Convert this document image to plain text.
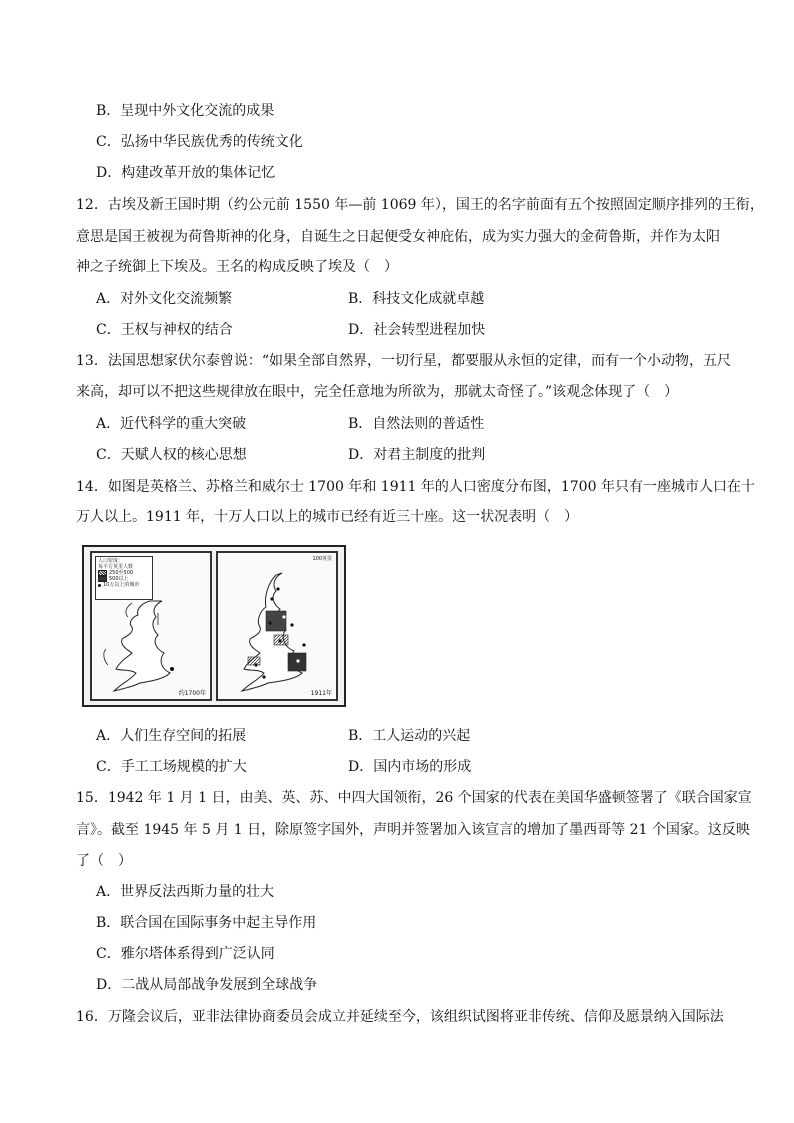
B．呈现中外文化交流的成果
C．弘扬中华民族优秀的传统文化
D．构建改革开放的集体记忆
12．古埃及新王国时期（约公元前 1550 年—前 1069 年），国王的名字前面有五个按照固定顺序排列的王衔，
意思是国王被视为荷鲁斯神的化身，自诞生之日起便受女神庇佑，成为实力强大的金荷鲁斯，并作为太阳
神之子统御上下埃及。王名的构成反映了埃及（　）
A．对外文化交流频繁	B．科技文化成就卓越
C．王权与神权的结合	D．社会转型进程加快
13．法国思想家伏尔泰曾说：“如果全部自然界，一切行星，都要服从永恒的定律，而有一个小动物，五尺
来高，却可以不把这些规律放在眼中，完全任意地为所欲为，那就太奇怪了。”该观念体现了（　）
A．近代科学的重大突破	B．自然法则的普适性
C．天赋人权的核心思想	D．对君主制度的批判
14．如图是英格兰、苏格兰和威尔士 1700 年和 1911 年的人口密度分布图，1700 年只有一座城市人口在十
万人以上。1911 年，十万人口以上的城市已经有近三十座。这一状况表明（　）
人口密度：
每平方英里人数
250至500
500以上
10万以上的城市
约1700年
100英里
1911年
A．人们生存空间的拓展	B．工人运动的兴起
C．手工工场规模的扩大	D．国内市场的形成
15．1942 年 1 月 1 日，由美、英、苏、中四大国领衔，26 个国家的代表在美国华盛顿签署了《联合国家宣
言》。截至 1945 年 5 月 1 日，除原签字国外，声明并签署加入该宣言的增加了墨西哥等 21 个国家。这反映
了（　）
A．世界反法西斯力量的壮大
B．联合国在国际事务中起主导作用
C．雅尔塔体系得到广泛认同
D．二战从局部战争发展到全球战争
16．万隆会议后，亚非法律协商委员会成立并延续至今，该组织试图将亚非传统、信仰及愿景纳入国际法
